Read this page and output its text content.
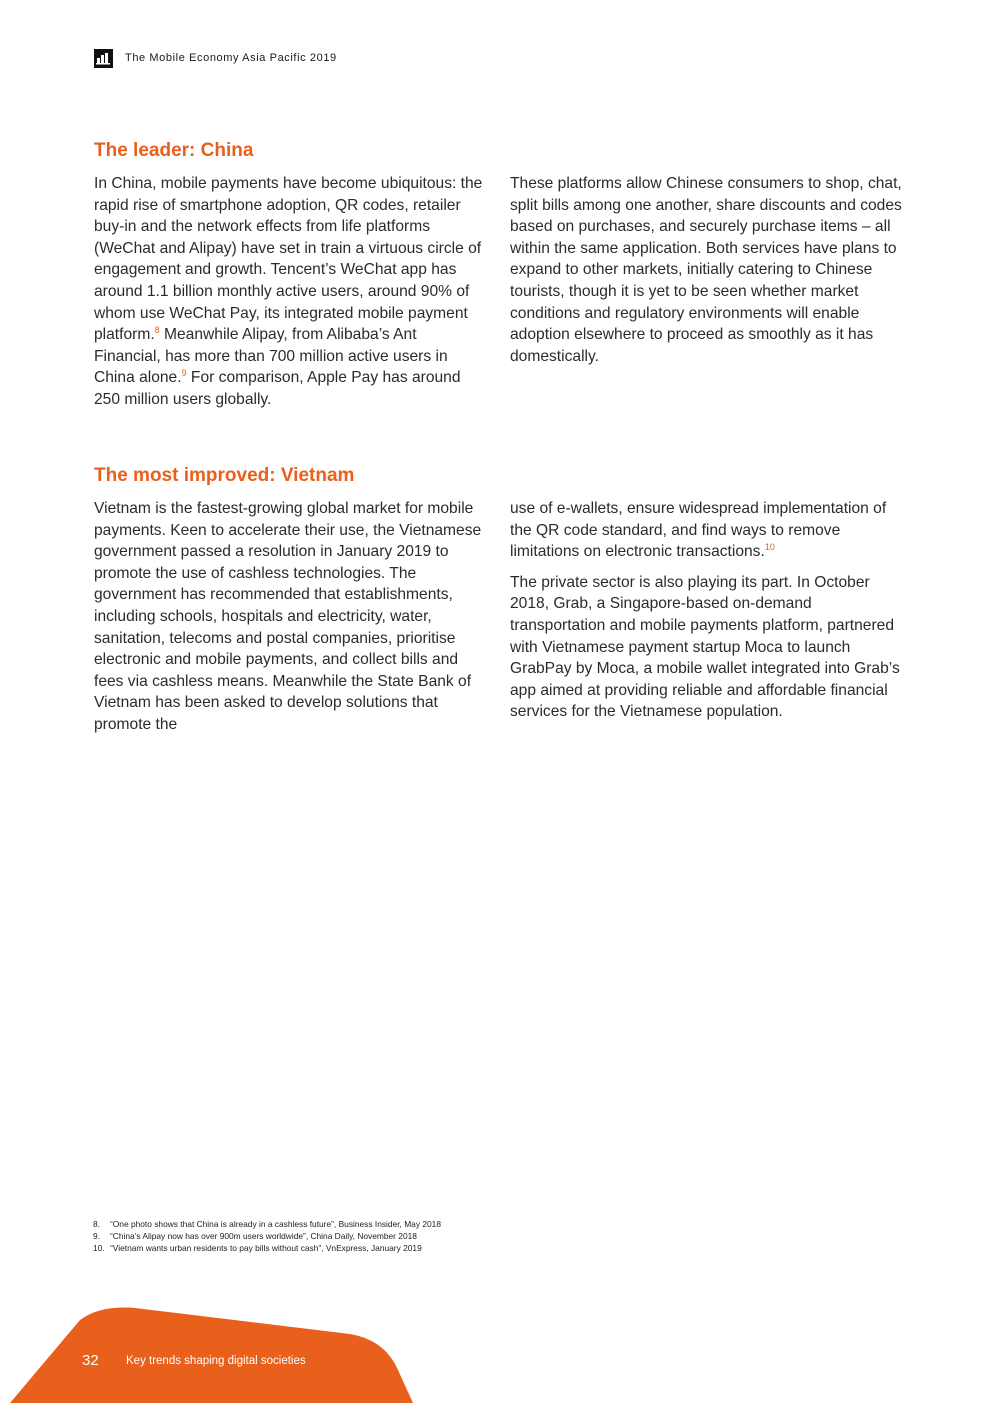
The Mobile Economy Asia Pacific 2019
The leader: China

In China, mobile payments have become ubiquitous: the rapid rise of smartphone adoption, QR codes, retailer buy-in and the network effects from life platforms (WeChat and Alipay) have set in train a virtuous circle of engagement and growth. Tencent’s WeChat app has around 1.1 billion monthly active users, around 90% of whom use WeChat Pay, its integrated mobile payment platform.$^8$ Meanwhile Alipay, from Alibaba’s Ant Financial, has more than 700 million active users in China alone.$^9$ For comparison, Apple Pay has around 250 million users globally.

These platforms allow Chinese consumers to shop, chat, split bills among one another, share discounts and codes based on purchases, and securely purchase items – all within the same application. Both services have plans to expand to other markets, initially catering to Chinese tourists, though it is yet to be seen whether market conditions and regulatory environments will enable adoption elsewhere to proceed as smoothly as it has domestically.

The most improved: Vietnam

Vietnam is the fastest-growing global market for mobile payments. Keen to accelerate their use, the Vietnamese government passed a resolution in January 2019 to promote the use of cashless technologies. The government has recommended that establishments, including schools, hospitals and electricity, water, sanitation, telecoms and postal companies, prioritise electronic and mobile payments, and collect bills and fees via cashless means. Meanwhile the State Bank of Vietnam has been asked to develop solutions that promote the

use of e-wallets, ensure widespread implementation of the QR code standard, and find ways to remove limitations on electronic transactions.$^{10}$

The private sector is also playing its part. In October 2018, Grab, a Singapore-based on-demand transportation and mobile payments platform, partnered with Vietnamese payment startup Moca to launch GrabPay by Moca, a mobile wallet integrated into Grab’s app aimed at providing reliable and affordable financial services for the Vietnamese population.

8.	“One photo shows that China is already in a cashless future”, Business Insider, May 2018
9.	“China’s Alipay now has over 900m users worldwide”, China Daily, November 2018
10. “Vietnam wants urban residents to pay bills without cash”, VnExpress, January 2019
32 Key trends shaping digital societies
